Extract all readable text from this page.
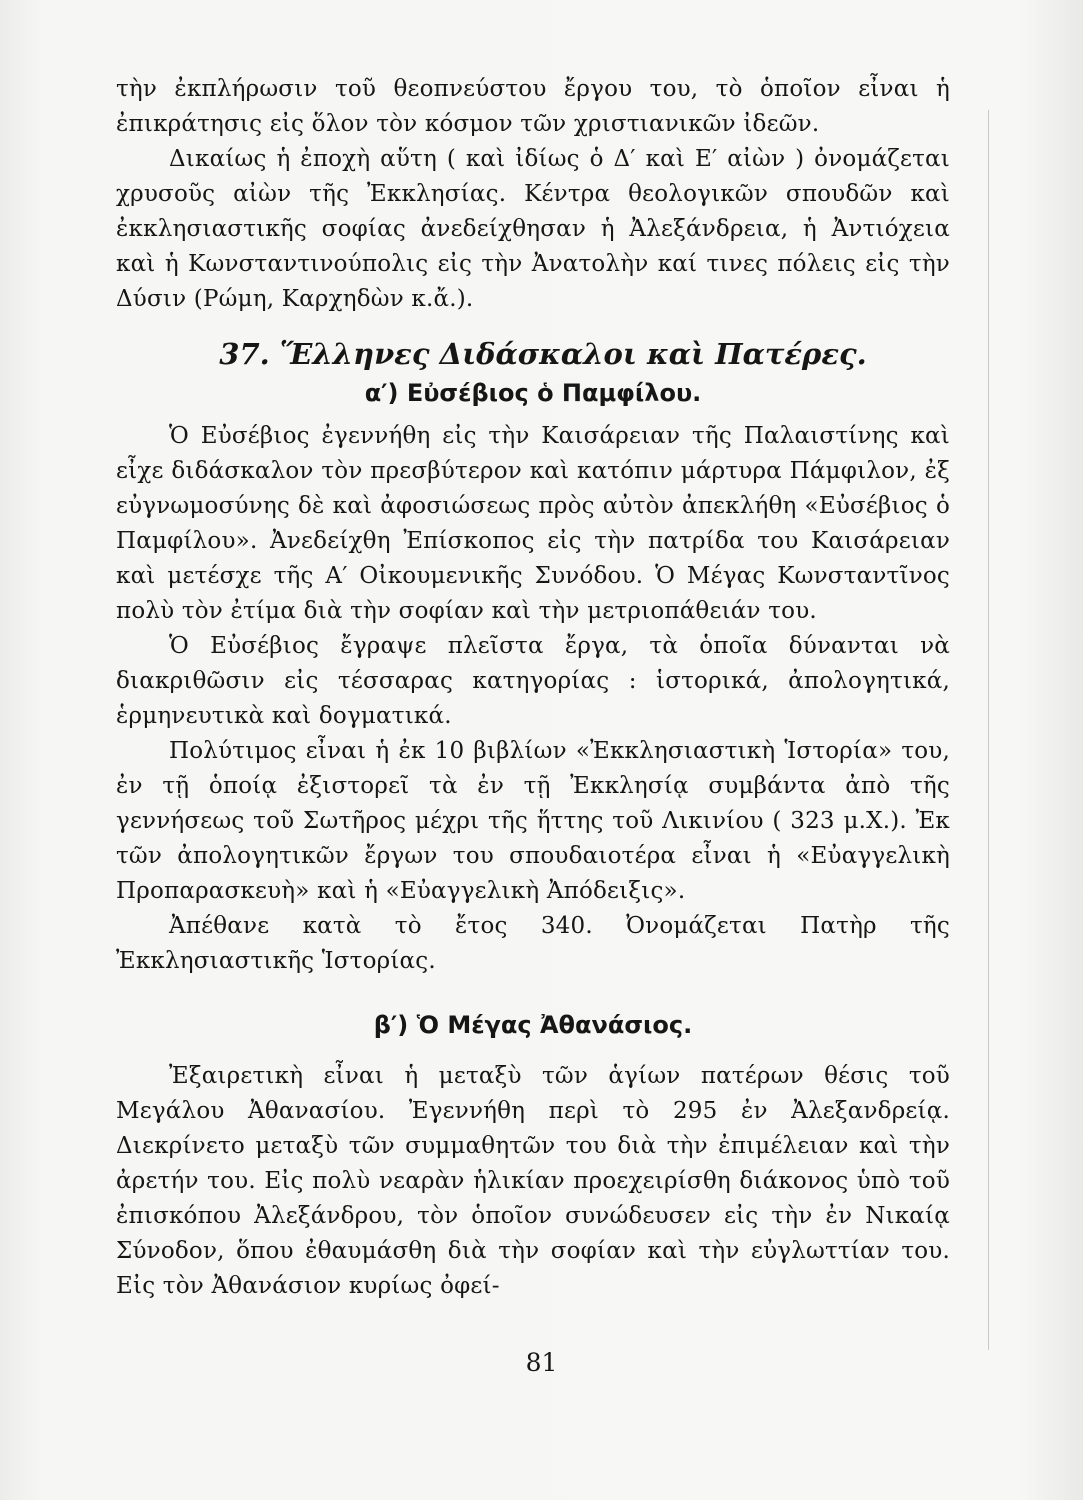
τὴν ἐκπλήρωσιν τοῦ θεοπνεύστου ἔργου του, τὸ ὁποῖον εἶναι ἡ ἐπικράτησις εἰς ὅλον τὸν κόσμον τῶν χριστιανικῶν ἰδεῶν.

Δικαίως ἡ ἐποχὴ αὕτη ( καὶ ἰδίως ὁ Δ′ καὶ Ε′ αἰὼν ) ὀνομάζεται χρυσοῦς αἰὼν τῆς Ἐκκλησίας. Κέντρα θεολογικῶν σπουδῶν καὶ ἐκκλησιαστικῆς σοφίας ἀνεδείχθησαν ἡ Ἀλεξάνδρεια, ἡ Ἀντιόχεια καὶ ἡ Κωνσταντινούπολις εἰς τὴν Ἀνατολὴν καί τινες πόλεις εἰς τὴν Δύσιν (Ρώμη, Καρχηδὼν κ.ἄ.).

37. Ἕλληνες Διδάσκαλοι καὶ Πατέρες.
α′) Εὐσέβιος ὁ Παμφίλου.

Ὁ Εὐσέβιος ἐγεννήθη εἰς τὴν Καισάρειαν τῆς Παλαιστίνης καὶ εἶχε διδάσκαλον τὸν πρεσβύτερον καὶ κατόπιν μάρτυρα Πάμφιλον, ἐξ εὐγνωμοσύνης δὲ καὶ ἀφοσιώσεως πρὸς αὐτὸν ἀπεκλήθη «Εὐσέβιος ὁ Παμφίλου». Ἀνεδείχθη Ἐπίσκοπος εἰς τὴν πατρίδα του Καισάρειαν καὶ μετέσχε τῆς Α′ Οἰκουμενικῆς Συνόδου. Ὁ Μέγας Κωνσταντῖνος πολὺ τὸν ἐτίμα διὰ τὴν σοφίαν καὶ τὴν μετριοπάθειάν του.

Ὁ Εὐσέβιος ἔγραψε πλεῖστα ἔργα, τὰ ὁποῖα δύνανται νὰ διακριθῶσιν εἰς τέσσαρας κατηγορίας : ἱστορικά, ἀπολογητικά, ἑρμηνευτικὰ καὶ δογματικά.

Πολύτιμος εἶναι ἡ ἐκ 10 βιβλίων «Ἐκκλησιαστικὴ Ἱστορία» του, ἐν τῇ ὁποίᾳ ἐξιστορεῖ τὰ ἐν τῇ Ἐκκλησίᾳ συμβάντα ἀπὸ τῆς γεννήσεως τοῦ Σωτῆρος μέχρι τῆς ἥττης τοῦ Λικινίου ( 323 μ.Χ.). Ἐκ τῶν ἀπολογητικῶν ἔργων του σπουδαιοτέρα εἶναι ἡ «Εὐαγγελικὴ Προπαρασκευὴ» καὶ ἡ «Εὐαγγελικὴ Ἀπόδειξις».

Ἀπέθανε κατὰ τὸ ἔτος 340. Ὀνομάζεται Πατὴρ τῆς Ἐκκλησιαστικῆς Ἱστορίας.

β′) Ὁ Μέγας Ἀθανάσιος.

Ἐξαιρετικὴ εἶναι ἡ μεταξὺ τῶν ἁγίων πατέρων θέσις τοῦ Μεγάλου Ἀθανασίου. Ἐγεννήθη περὶ τὸ 295 ἐν Ἀλεξανδρείᾳ. Διεκρίνετο μεταξὺ τῶν συμμαθητῶν του διὰ τὴν ἐπιμέλειαν καὶ τὴν ἀρετήν του. Εἰς πολὺ νεαρὰν ἡλικίαν προεχειρίσθη διάκονος ὑπὸ τοῦ ἐπισκόπου Ἀλεξάνδρου, τὸν ὁποῖον συνώδευσεν εἰς τὴν ἐν Νικαίᾳ Σύνοδον, ὅπου ἐθαυμάσθη διὰ τὴν σοφίαν καὶ τὴν εὐγλωττίαν του. Εἰς τὸν Ἀθανάσιον κυρίως ὀφεί-

81
